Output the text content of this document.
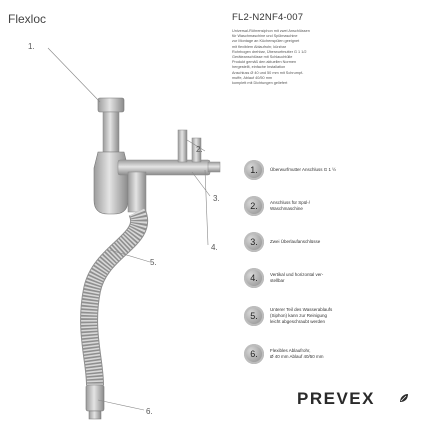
Flexloc	FL2-N2NF4-007

Universal-Röhrensiphon mit zwei Anschlüssen

für Waschmaschine und Spülmaschine

zur Montage an Küchenspülen geeignet

mit flexiblem Ablaufrohr, kürzbar

Rohrbogen drehbar, Überwurfmutter G 1 1/2

Geräteanschlüsse mit Schlauchtülle

Produkt gemäß den aktuellen Normen

hergestellt, einfache Installation

Anschluss Ø 40 und 50 mm mit Schrumpf-

muffe, Ablauf 40/50 mm

komplett mit Dichtungen geliefert

1.
2.
3.
4.
5.
6.
1.	Überwurfmutter Anschluss G 1 ½
2.	Anschluss für Spül-/
Waschmaschine
3.	Zwei Überlaufanschlüsse
4.	Vertikal und horizontal ver-
stellbar
5.
Unterer Teil des Wasserablaufs
(Siphon) kann zur Reinigung
leicht abgeschraubt werden
6.	Flexibles Ablaufrohr,
Ø 40 mm Ablauf 40/50 mm
PREVEX
